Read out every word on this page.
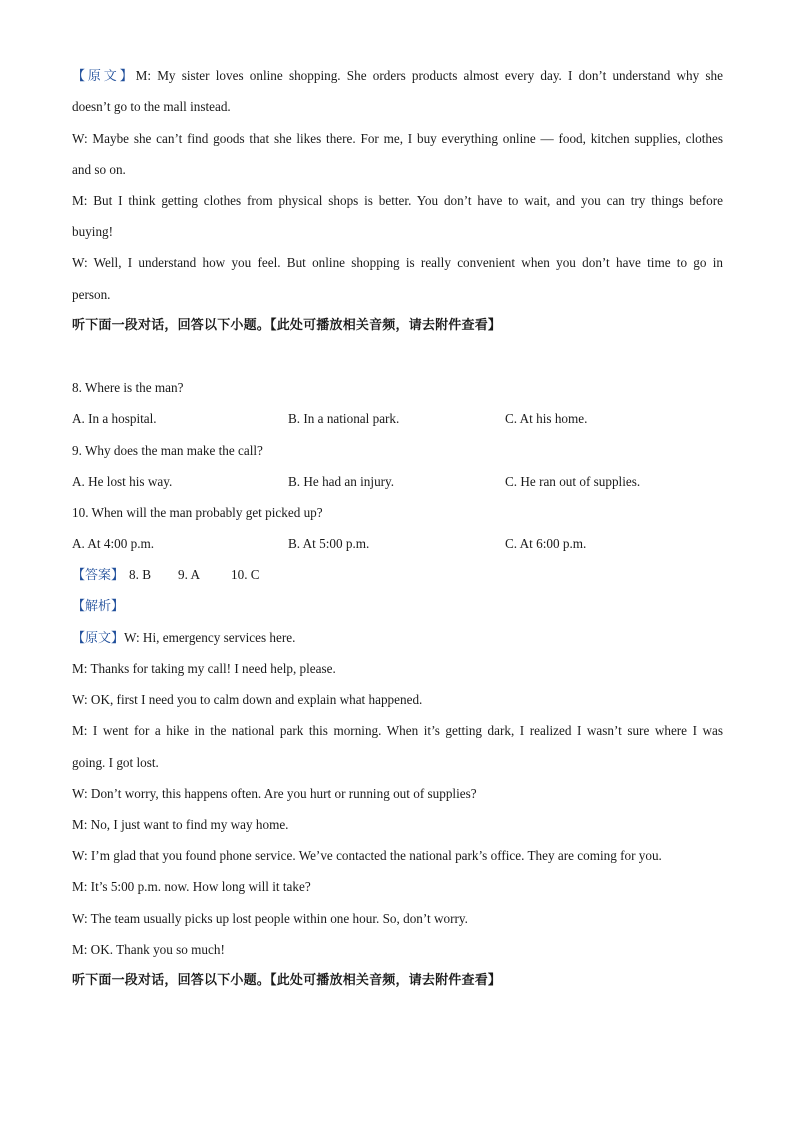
【原文】M: My sister loves online shopping. She orders products almost every day. I don’t understand why she
doesn’t go to the mall instead.
W: Maybe she can’t find goods that she likes there. For me, I buy everything online — food, kitchen supplies, clothes
and so on.
M: But I think getting clothes from physical shops is better. You don’t have to wait, and you can try things before
buying!
W: Well, I understand how you feel. But online shopping is really convenient when you don’t have time to go in
person.
听下面一段对话，回答以下小题。【此处可播放相关音频，请去附件查看】
8. Where is the man?
A. In a hospital.	B. In a national park.	C. At his home.
9. Why does the man make the call?
A. He lost his way.	B. He had an injury.	C. He ran out of supplies.
10. When will the man probably get picked up?
A. At 4:00 p.m.	B. At 5:00 p.m.	C. At 6:00 p.m.
【答案】 8. B 9. A 10. C
【解析】
【原文】W: Hi, emergency services here.
M: Thanks for taking my call! I need help, please.
W: OK, first I need you to calm down and explain what happened.
M: I went for a hike in the national park this morning. When it’s getting dark, I realized I wasn’t sure where I was
going. I got lost.
W: Don’t worry, this happens often. Are you hurt or running out of supplies?
M: No, I just want to find my way home.
W: I’m glad that you found phone service. We’ve contacted the national park’s office. They are coming for you.
M: It’s 5:00 p.m. now. How long will it take?
W: The team usually picks up lost people within one hour. So, don’t worry.
M: OK. Thank you so much!
听下面一段对话，回答以下小题。【此处可播放相关音频，请去附件查看】
